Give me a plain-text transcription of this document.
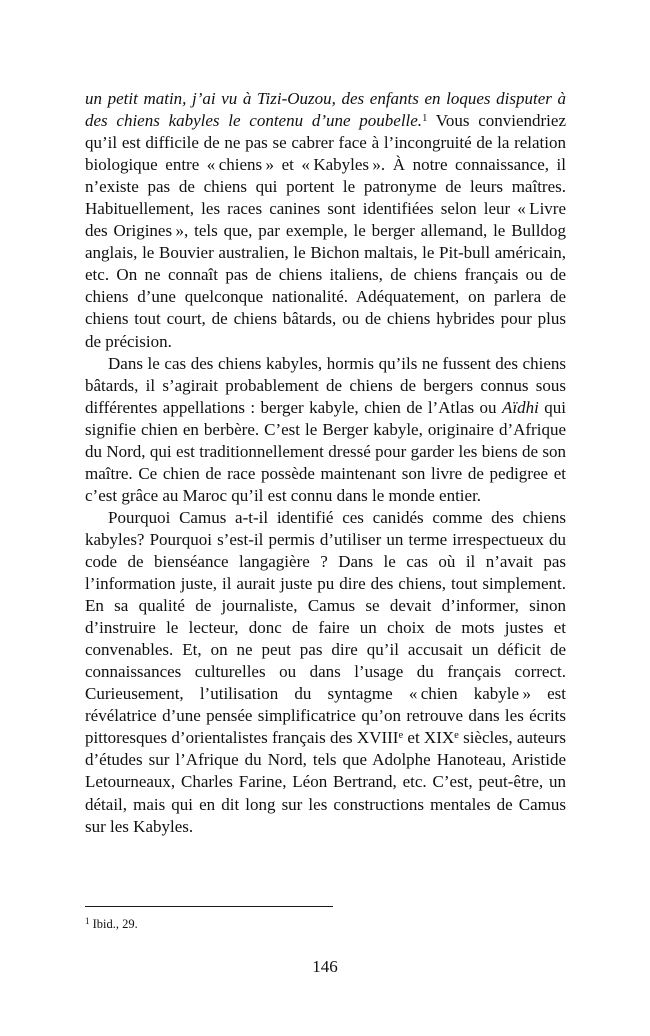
un petit matin, j’ai vu à Tizi-Ouzou, des enfants en loques disputer à des chiens kabyles le contenu d’une poubelle.$^1$ Vous conviendriez qu’il est difficile de ne pas se cabrer face à l’incongruité de la relation biologique entre « chiens » et « Kabyles ». À notre connaissance, il n’existe pas de chiens qui portent le patronyme de leurs maîtres. Habituellement, les races canines sont identifiées selon leur « Livre des Origines », tels que, par exemple, le berger allemand, le Bulldog anglais, le Bouvier australien, le Bichon maltais, le Pit-bull américain, etc. On ne connaît pas de chiens italiens, de chiens français ou de chiens d’une quelconque nationalité. Adéquatement, on parlera de chiens tout court, de chiens bâtards, ou de chiens hybrides pour plus de précision.

Dans le cas des chiens kabyles, hormis qu’ils ne fussent des chiens bâtards, il s’agirait probablement de chiens de bergers connus sous différentes appellations : berger kabyle, chien de l’Atlas ou Aïdhi qui signifie chien en berbère. C’est le Berger kabyle, originaire d’Afrique du Nord, qui est traditionnellement dressé pour garder les biens de son maître. Ce chien de race possède maintenant son livre de pedigree et c’est grâce au Maroc qu’il est connu dans le monde entier.

Pourquoi Camus a-t-il identifié ces canidés comme des chiens kabyles? Pourquoi s’est-il permis d’utiliser un terme irrespectueux du code de bienséance langagière ? Dans le cas où il n’avait pas l’information juste, il aurait juste pu dire des chiens, tout simplement. En sa qualité de journaliste, Camus se devait d’informer, sinon d’instruire le lecteur, donc de faire un choix de mots justes et convenables. Et, on ne peut pas dire qu’il accusait un déficit de connaissances culturelles ou dans l’usage du français correct. Curieusement, l’utilisation du syntagme « chien kabyle » est révélatrice d’une pensée simplificatrice qu’on retrouve dans les écrits pittoresques d’orientalistes français des XVIIIe et XIXe siècles, auteurs d’études sur l’Afrique du Nord, tels que Adolphe Hanoteau, Aristide Letourneaux, Charles Farine, Léon Bertrand, etc. C’est, peut-être, un détail, mais qui en dit long sur les constructions mentales de Camus sur les Kabyles.

$^1$ Ibid., 29.

146
